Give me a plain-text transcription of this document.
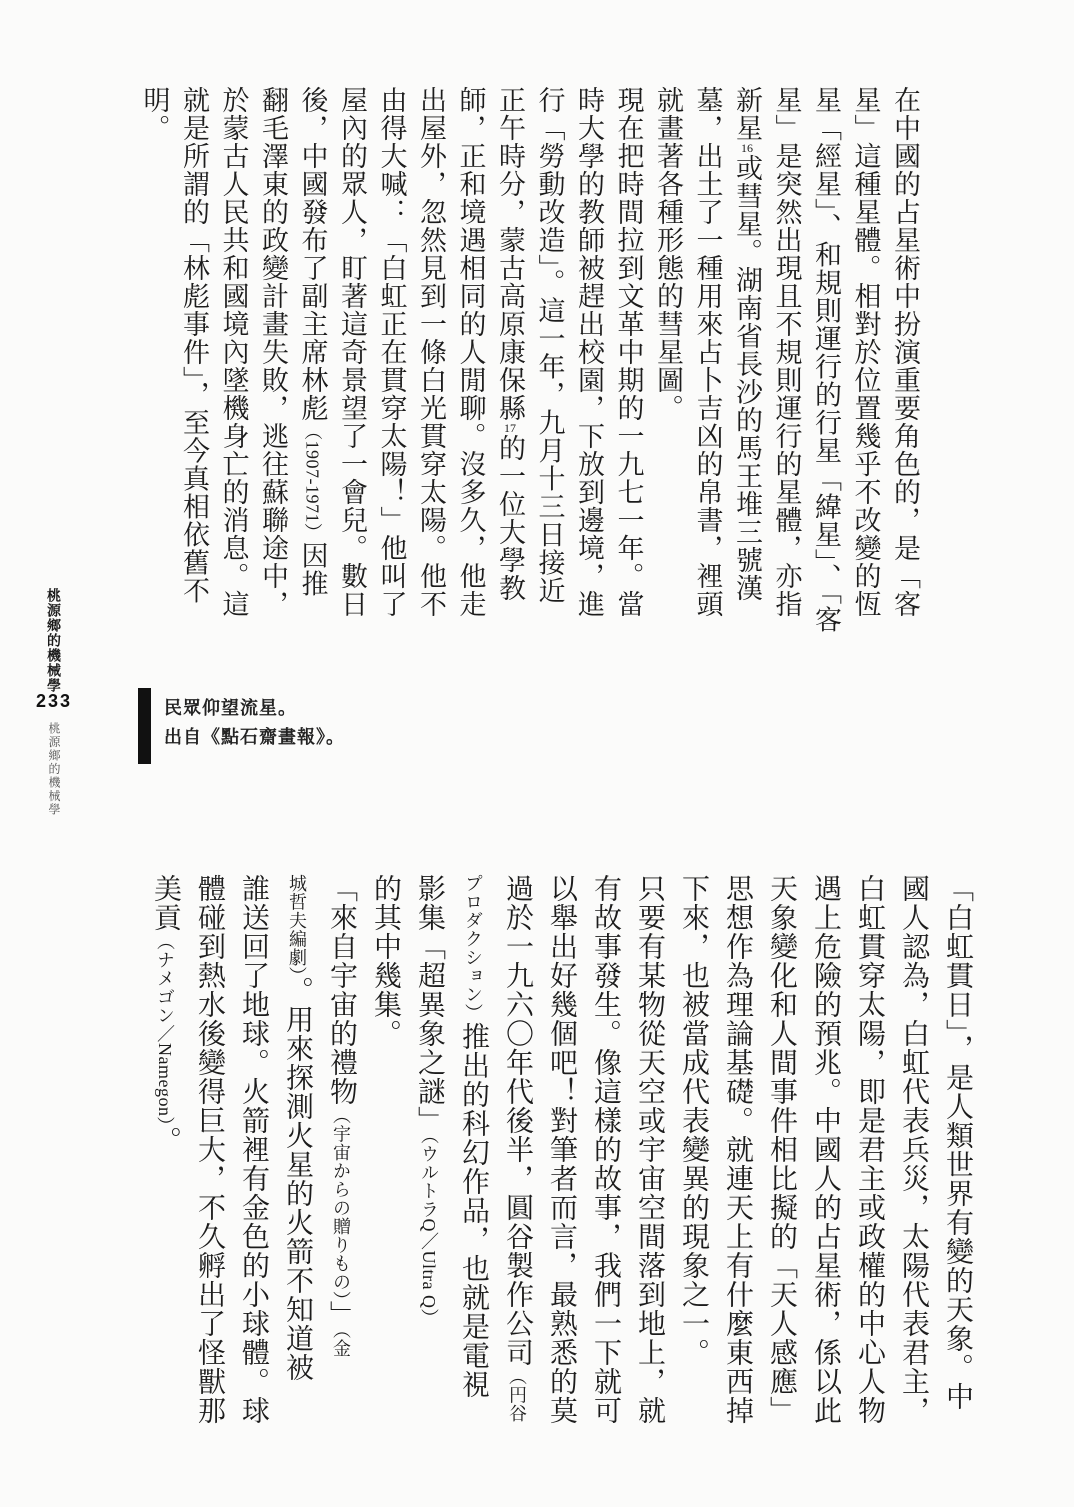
桃源鄉的機械學
233
桃源鄉的機械學
民眾仰望流星。
出自《點石齋畫報》。
在中國的占星術中扮演重要角色的，是「客
星」這種星體。相對於位置幾乎不改變的恆
星「經星」、和規則運行的行星「緯星」、「客
星」是突然出現且不規則運行的星體，亦指
新星16或彗星。湖南省長沙的馬王堆三號漢
墓，出土了一種用來占卜吉凶的帛書，裡頭
就畫著各種形態的彗星圖。
現在把時間拉到文革中期的一九七一年。當
時大學的教師被趕出校園，下放到邊境，進
行「勞動改造」。這一年，九月十三日接近
正午時分，蒙古高原康保縣17的一位大學教
師，正和境遇相同的人閒聊。沒多久，他走
出屋外，忽然見到一條白光貫穿太陽。他不
由得大喊：「白虹正在貫穿太陽！」他叫了
屋內的眾人，盯著這奇景望了一會兒。數日
後，中國發布了副主席林彪（1907-1971）因推
翻毛澤東的政變計畫失敗，逃往蘇聯途中，
於蒙古人民共和國境內墜機身亡的消息。這
就是所謂的「林彪事件」，至今真相依舊不
明。
「白虹貫日」，是人類世界有變的天象。中
國人認為，白虹代表兵災，太陽代表君主，
白虹貫穿太陽，即是君主或政權的中心人物
遇上危險的預兆。中國人的占星術，係以此
天象變化和人間事件相比擬的「天人感應」
思想作為理論基礎。就連天上有什麼東西掉
下來，也被當成代表變異的現象之一。
只要有某物從天空或宇宙空間落到地上，就
有故事發生。像這樣的故事，我們一下就可
以舉出好幾個吧！對筆者而言，最熟悉的莫
過於一九六〇年代後半，圓谷製作公司（円谷
プロダクション）推出的科幻作品，也就是電視
影集「超異象之謎」（ウルトラQ／Ultra Q）
的其中幾集。
「來自宇宙的禮物（宇宙からの贈りもの）」（金
城哲夫編劇）。用來探測火星的火箭不知道被
誰送回了地球。火箭裡有金色的小球體。球
體碰到熱水後變得巨大，不久孵出了怪獸那
美貢（ナメゴン／Namegon）。
